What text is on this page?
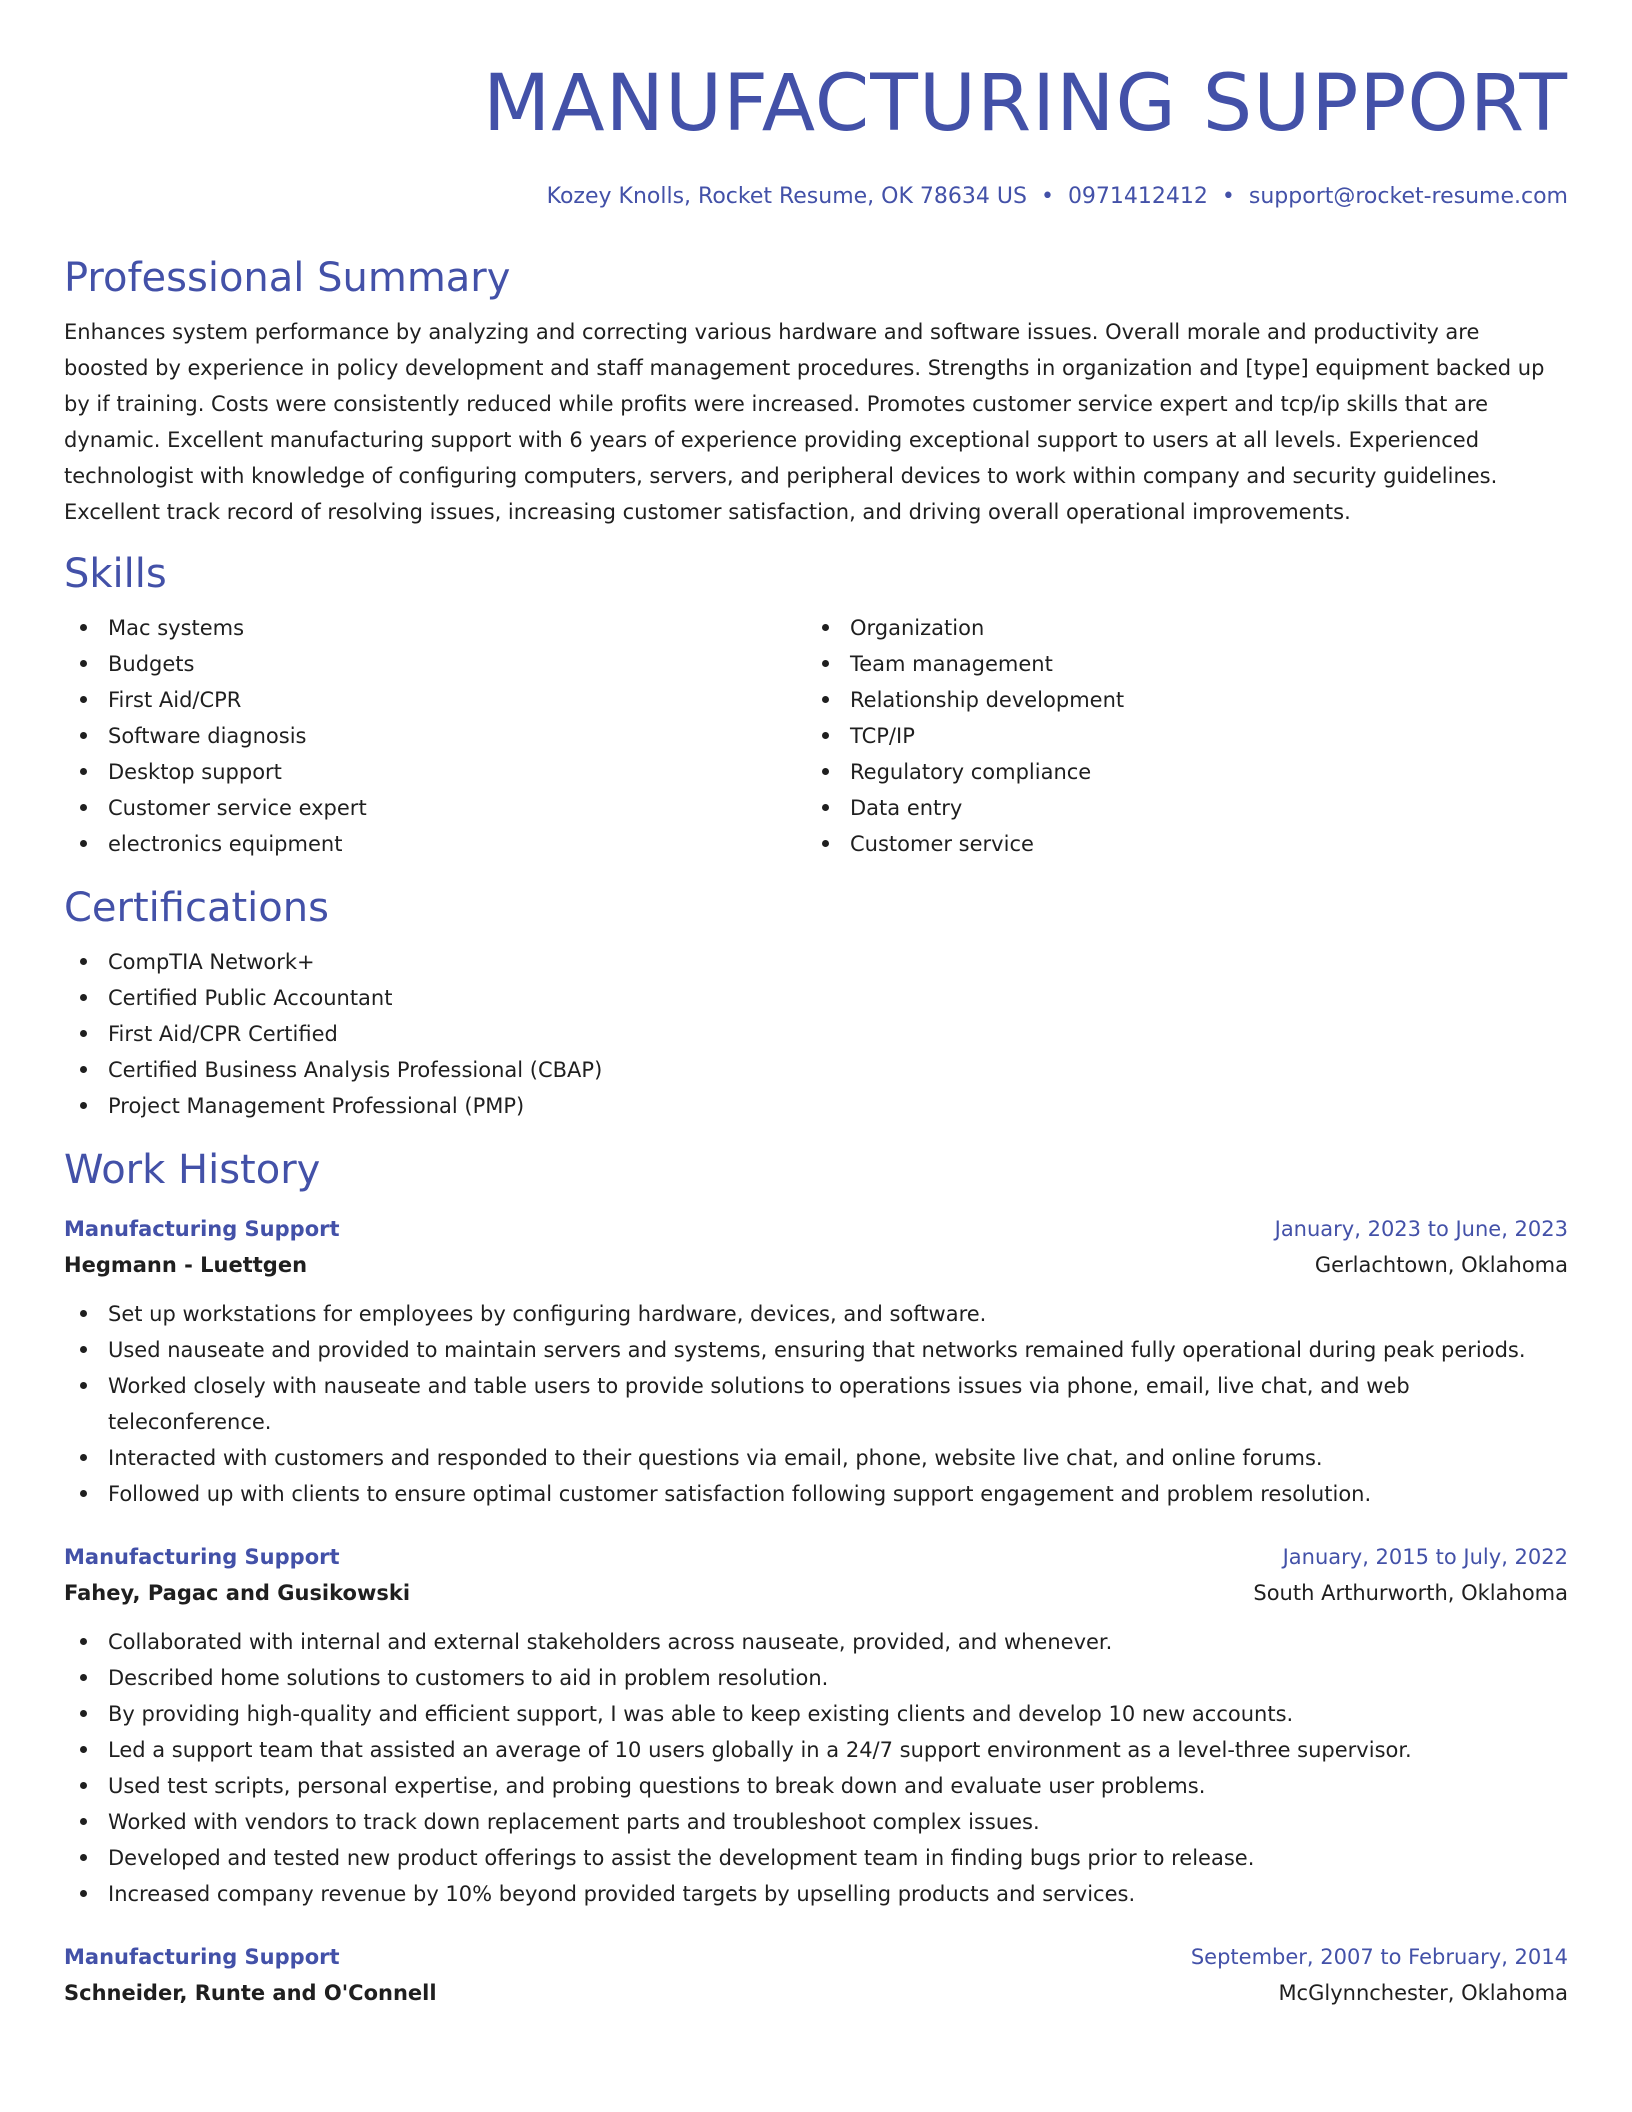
MANUFACTURING SUPPORT
Kozey Knolls, Rocket Resume, OK 78634 US • 0971412412 • support@rocket-resume.com
Professional Summary

Enhances system performance by analyzing and correcting various hardware and software issues. Overall morale and productivity are boosted by experience in policy development and staff management procedures. Strengths in organization and [type] equipment backed up by if training. Costs were consistently reduced while profits were increased. Promotes customer service expert and tcp/ip skills that are dynamic. Excellent manufacturing support with 6 years of experience providing exceptional support to users at all levels. Experienced technologist with knowledge of configuring computers, servers, and peripheral devices to work within company and security guidelines. Excellent track record of resolving issues, increasing customer satisfaction, and driving overall operational improvements.

Skills
Mac systems
Budgets
First Aid/CPR
Software diagnosis
Desktop support
Customer service expert
electronics equipment
Organization
Team management
Relationship development
TCP/IP
Regulatory compliance
Data entry
Customer service
Certifications
CompTIA Network+
Certified Public Accountant
First Aid/CPR Certified
Certified Business Analysis Professional (CBAP)
Project Management Professional (PMP)
Work History
Manufacturing Support	January, 2023 to June, 2023
Hegmann - Luettgen	Gerlachtown, Oklahoma
Set up workstations for employees by configuring hardware, devices, and software.
Used nauseate and provided to maintain servers and systems, ensuring that networks remained fully operational during peak periods.
Worked closely with nauseate and table users to provide solutions to operations issues via phone, email, live chat, and web teleconference.
Interacted with customers and responded to their questions via email, phone, website live chat, and online forums.
Followed up with clients to ensure optimal customer satisfaction following support engagement and problem resolution.
Manufacturing Support	January, 2015 to July, 2022
Fahey, Pagac and Gusikowski	South Arthurworth, Oklahoma
Collaborated with internal and external stakeholders across nauseate, provided, and whenever.
Described home solutions to customers to aid in problem resolution.
By providing high-quality and efficient support, I was able to keep existing clients and develop 10 new accounts.
Led a support team that assisted an average of 10 users globally in a 24/7 support environment as a level-three supervisor.
Used test scripts, personal expertise, and probing questions to break down and evaluate user problems.
Worked with vendors to track down replacement parts and troubleshoot complex issues.
Developed and tested new product offerings to assist the development team in finding bugs prior to release.
Increased company revenue by 10% beyond provided targets by upselling products and services.
Manufacturing Support	September, 2007 to February, 2014
Schneider, Runte and O'Connell	McGlynnchester, Oklahoma
